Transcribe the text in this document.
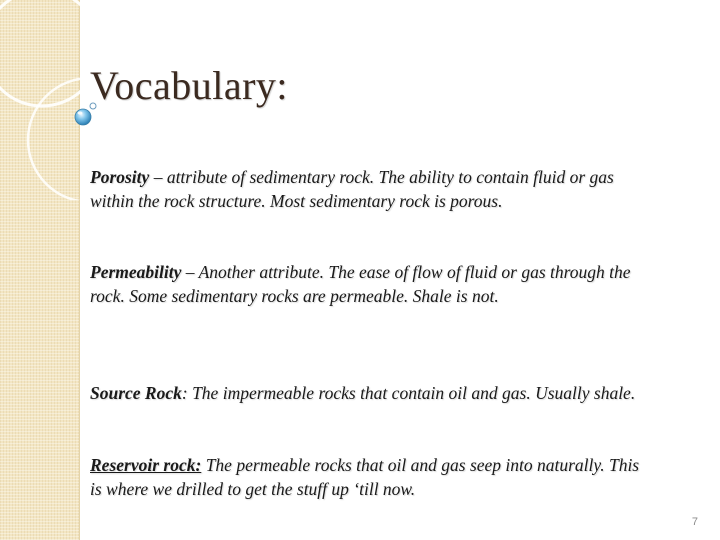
Vocabulary:
Porosity – attribute of sedimentary rock. The ability to contain fluid or gas within the rock structure. Most sedimentary rock is porous.
Permeability – Another attribute. The ease of flow of fluid or gas through the rock. Some sedimentary rocks are permeable. Shale is not.
Source Rock: The impermeable rocks that contain oil and gas. Usually shale.
Reservoir rock: The permeable rocks that oil and gas seep into naturally. This is where we drilled to get the stuff up ‘till now.
7
